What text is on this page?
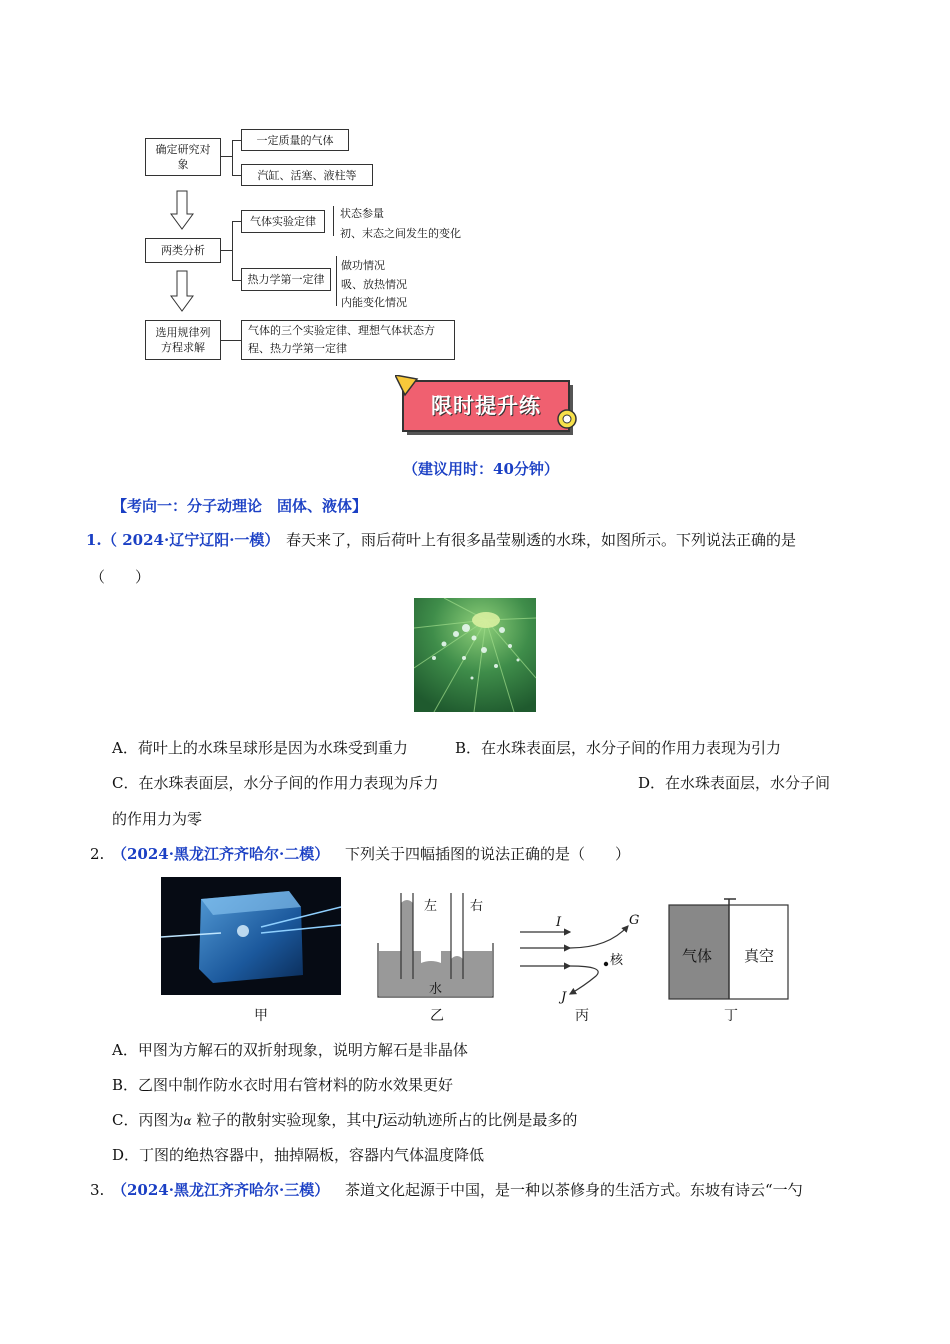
确定研究对象
一定质量的气体
汽缸、活塞、液柱等
两类分析
气体实验定律
热力学第一定律
状态参量
初、末态之间发生的变化
做功情况
吸、放热情况
内能变化情况
选用规律列方程求解
气体的三个实验定律、理想气体状态方程、热力学第一定律
限时提升练
（建议用时：40分钟）
【考向一：分子动理论　固体、液体】
1. （ 2024·辽宁辽阳·一模） 春天来了，雨后荷叶上有很多晶莹剔透的水珠，如图所示。下列说法正确的是
（　　）
A．荷叶上的水珠呈球形是因为水珠受到重力	B．在水珠表面层，水分子间的作用力表现为引力
C．在水珠表面层，水分子间的作用力表现为斥力	D．在水珠表面层，水分子间
的作用力为零
2. （2024·黑龙江齐齐哈尔·二模） 下列关于四幅插图的说法正确的是（　　）
左	右
水
I	G
核
J
气体 真空
甲	乙	丙	丁
A．甲图为方解石的双折射现象，说明方解石是非晶体
B．乙图中制作防水衣时用右管材料的防水效果更好
C．丙图为α 粒子的散射实验现象，其中J运动轨迹所占的比例是最多的
D．丁图的绝热容器中，抽掉隔板，容器内气体温度降低
3. （2024·黑龙江齐齐哈尔·三模） 茶道文化起源于中国，是一种以茶修身的生活方式。东坡有诗云“一勺
